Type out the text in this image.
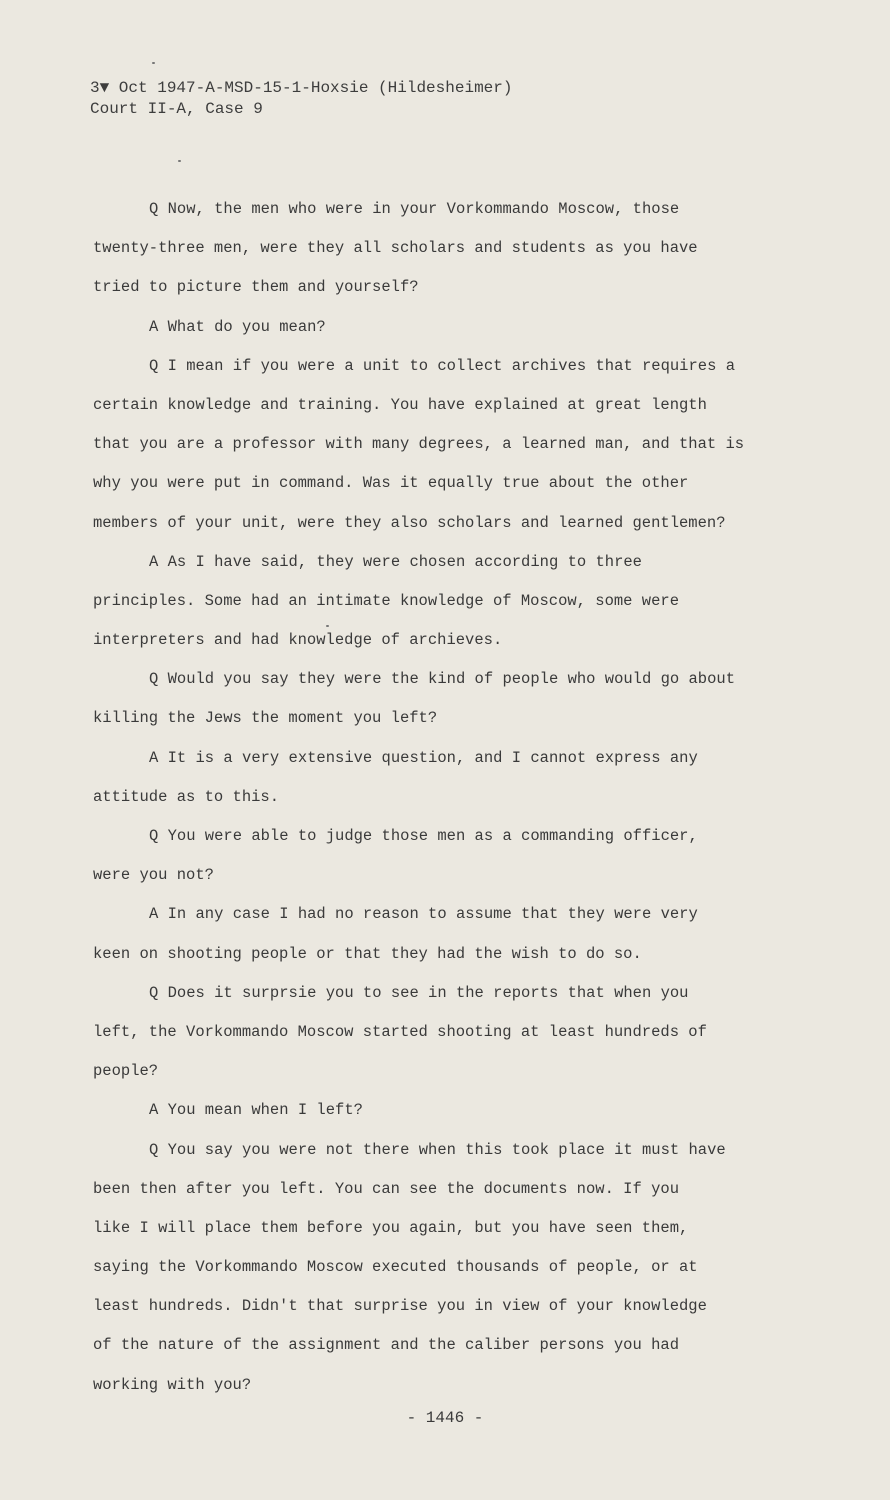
3▼ Oct 1947-A-MSD-15-1-Hoxsie (Hildesheimer)
Court II-A, Case 9
Q Now, the men who were in your Vorkommando Moscow, those
twenty-three men, were they all scholars and students as you have
tried to picture them and yourself?
A What do you mean?
Q I mean if you were a unit to collect archives that requires a
certain knowledge and training. You have explained at great length
that you are a professor with many degrees, a learned man, and that is
why you were put in command. Was it equally true about the other
members of your unit, were they also scholars and learned gentlemen?
A As I have said, they were chosen according to three
principles. Some had an intimate knowledge of Moscow, some were
interpreters and had knowledge of archieves.
Q Would you say they were the kind of people who would go about
killing the Jews the moment you left?
A It is a very extensive question, and I cannot express any
attitude as to this.
Q You were able to judge those men as a commanding officer,
were you not?
A In any case I had no reason to assume that they were very
keen on shooting people or that they had the wish to do so.
Q Does it surprsie you to see in the reports that when you
left, the Vorkommando Moscow started shooting at least hundreds of
people?
A You mean when I left?
Q You say you were not there when this took place it must have
been then after you left. You can see the documents now. If you
like I will place them before you again, but you have seen them,
saying the Vorkommando Moscow executed thousands of people, or at
least hundreds. Didn't that surprise you in view of your knowledge
of the nature of the assignment and the caliber persons you had
working with you?
- 1446 -
